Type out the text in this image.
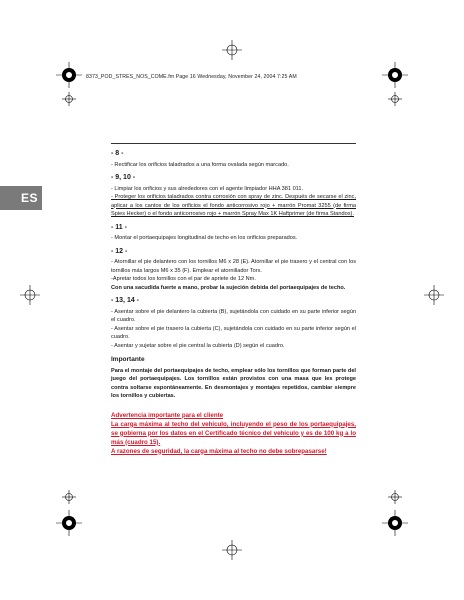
8373_POD_STRES_NOS_COME.fm Page 16 Wednesday, November 24, 2004 7:25 AM
ES
- 8 -

- Rectificar los orificios taladrados a una forma ovalada según marcado.

- 9, 10 -

- Limpiar los orificios y sus alrededores con el agente limpiador HHA 381 011.

- Proteger los orificios taladrados contra corrosión con spray de zinc. Después de secarse el zinc, aplicar a los cantos de los orificios el fondo anticorrosivo rojo + marrón Promat 3255 (de firma Spies Hecker) o el fondo anticorrosivo rojo + marrón Spray Max 1K Haftprimer (de firma Standox).

- 11 -

- Montar el portaequipajes longitudinal de techo en los orificios preparados.

- 12 -

- Atornillar el pie delantero con los tornillos M6 x 28 (E). Atornillar el pie trasero y el central con los tornillos más largos M6 x 35 (F). Emplear el atornillador Torx.

-Apretar todos los tornillos con el par de apriete de 12 Nm.

Con una sacudida fuerte a mano, probar la sujeción debida del portaequipajes de techo.

- 13, 14 -

- Asentar sobre el pie delantero la cubierta (B), sujetándola con cuidado en su parte inferior según el cuadro.

- Asentar sobre el pie trasero la cubierta (C), sujetándola con cuidado en su parte inferior según el cuadro.

- Asentar y sujetar sobre el pie central la cubierta (D) según el cuadro.

Importante

Para el montaje del portaequipajes de techo, emplear sólo los tornillos que forman parte del juego del portaequipajes. Los tornillos están provistos con una masa que les protege contra soltarse espontáneamente. En desmontajes y montajes repetidos, cambiar siempre los tornillos y cubiertas.

Advertencia importante para el cliente

La carga máxima al techo del vehículo, incluyendo el peso de los portaequipajes, se gobierna por los datos en el Certificado técnico del vehículo y es de 100 kg a lo más (cuadro 15).

A razones de seguridad, la carga máxima al techo no debe sobrepasarse!
